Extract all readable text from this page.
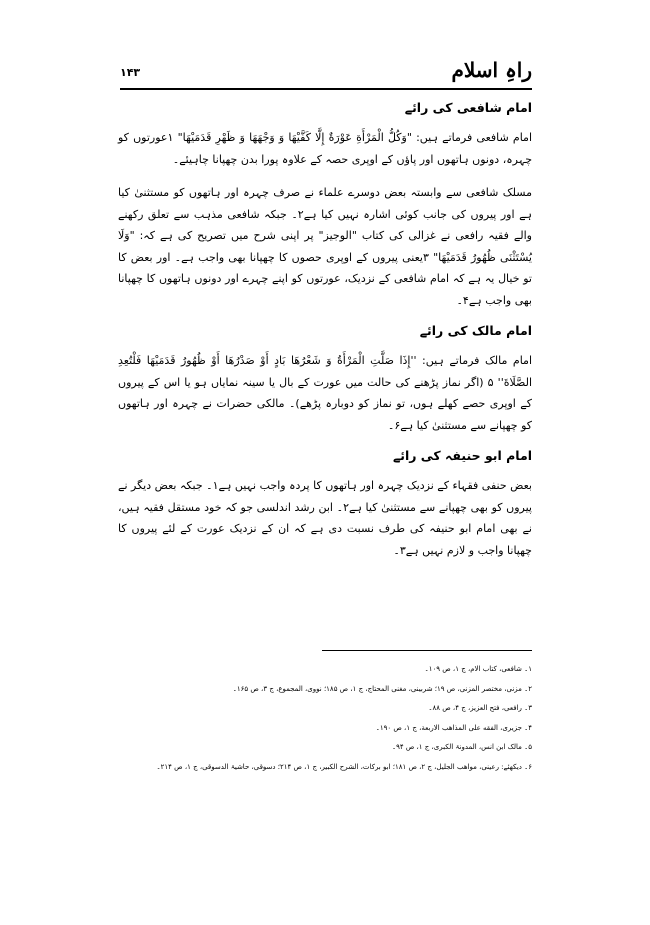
راہِ اسلام
۱۴۳
امام شافعی کی رائے

امام شافعی فرماتے ہیں: "وَكُلُّ الْمَرْأَةِ عَوْرَةٌ إِلَّا كَفَّيْهَا وَ وَجْهَهَا وَ ظَهْرِ قَدَمَيْهَا" ۱عورتوں کو چہرہ، دونوں ہاتھوں اور پاؤں کے اوپری حصہ کے علاوہ پورا بدن چھپانا چاہیئے۔

مسلک شافعی سے وابستہ بعض دوسرے علماء نے صرف چہرہ اور ہاتھوں کو مستثنیٰ کیا ہے اور پیروں کی جانب کوئی اشارہ نہیں کیا ہے۲۔ جبکہ شافعی مذہب سے تعلق رکھنے والے فقیہ رافعی نے غزالی کی کتاب "الوجیز" پر اپنی شرح میں تصریح کی ہے کہ: "وَلَا يُسْتَثْنَى ظُهُورُ قَدَمَيْهَا" ۳یعنی پیروں کے اوپری حصوں کا چھپانا بھی واجب ہے۔ اور بعض کا تو خیال یہ ہے کہ امام شافعی کے نزدیک، عورتوں کو اپنے چہرے اور دونوں ہاتھوں کا چھپانا بھی واجب ہے۴۔

امام مالک کی رائے

امام مالک فرماتے ہیں: ''إِذَا صَلَّتِ الْمَرْأَةُ وَ شَعْرُهَا بَادٍ أَوْ صَدْرُهَا أَوْ ظُهُورُ قَدَمَيْهَا فَلْتُعِدِ الصَّلَاةَ'' ۵ (اگر نماز پڑھنے کی حالت میں عورت کے بال یا سینہ نمایاں ہو یا اس کے پیروں کے اوپری حصے کھلے ہوں، تو نماز کو دوبارہ پڑھے)۔ مالکی حضرات نے چہرہ اور ہاتھوں کو چھپانے سے مستثنیٰ کیا ہے۶۔

امام ابو حنیفہ کی رائے

بعض حنفی فقہاء کے نزدیک چہرہ اور ہاتھوں کا پردہ واجب نہیں ہے۱۔ جبکہ بعض دیگر نے پیروں کو بھی چھپانے سے مستثنیٰ کیا ہے۲۔ ابن رشد اندلسی جو کہ خود مستقل فقیہ ہیں، نے بھی امام ابو حنیفہ کی طرف نسبت دی ہے کہ ان کے نزدیک عورت کے لئے پیروں کا چھپانا واجب و لازم نہیں ہے۳۔

۱۔ شافعی، کتاب الام، ج ۱، ص ۱۰۹۔
۲۔ مزنی، مختصر المزنی، ص ۱۹؛ شربینی، مغنی المحتاج، ج ۱، ص ۱۸۵؛ نووی، المجموع، ج ۳، ص ۱۶۵۔
۳۔ رافعی، فتح العزیز، ج ۴، ص ۸۸۔
۴۔ جزیری، الفقه علی المذاهب الاربعة، ج ۱، ص ۱۹۰۔
۵۔ مالک ابن انس، المدونۃ الکبری، ج ۱، ص ۹۴۔
۶۔ دیکھئے: رعینی، مواهب الجلیل، ج ۲، ص ۱۸۱؛ ابو برکات، الشرح الکبیر، ج ۱، ص ۲۱۴؛ دسوقی، حاشیۃ الدسوقی، ج ۱، ص ۲۱۴۔
